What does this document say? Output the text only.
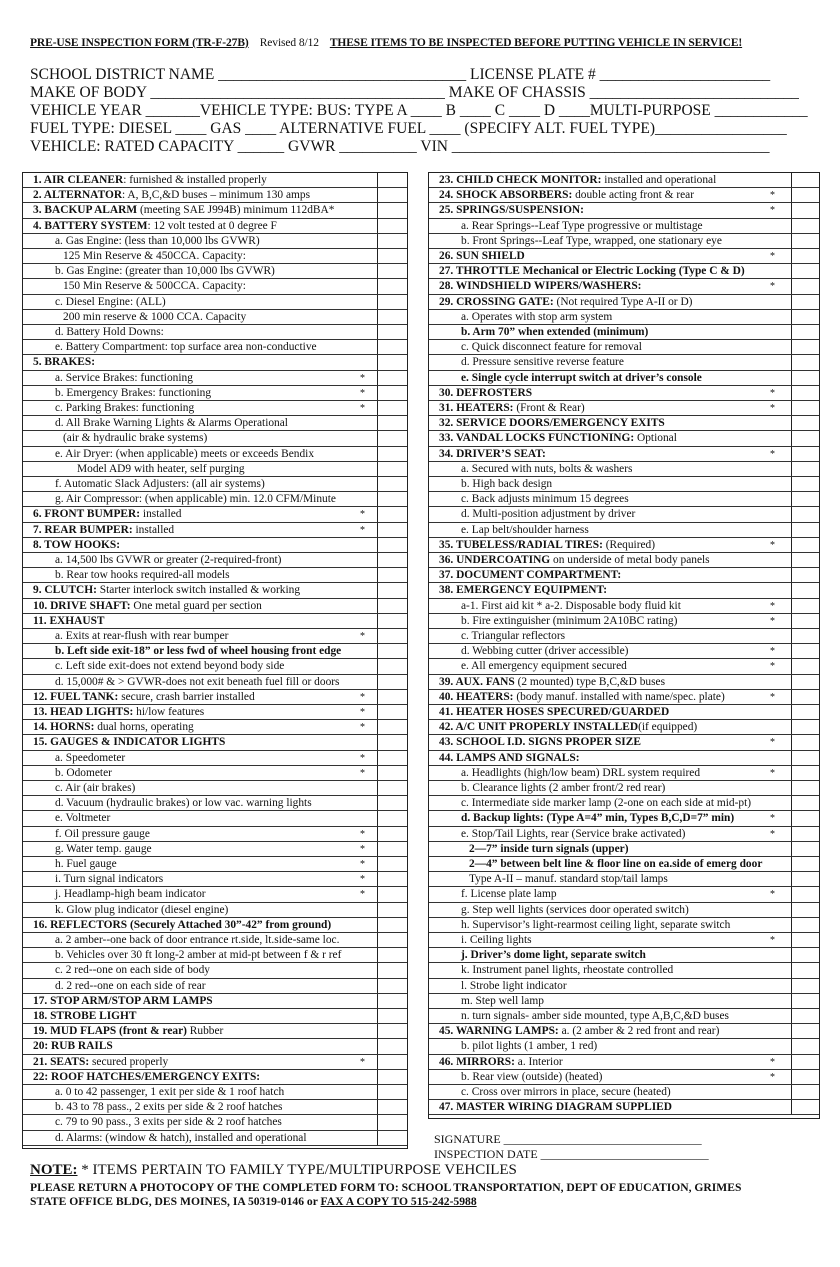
PRE-USE INSPECTION FORM (TR-F-27B) Revised 8/12 THESE ITEMS TO BE INSPECTED BEFORE PUTTING VEHICLE IN SERVICE!
SCHOOL DISTRICT NAME ________________________________ LICENSE PLATE # ______________________
MAKE OF BODY ______________________________________ MAKE OF CHASSIS ___________________________
VEHICLE YEAR _______VEHICLE TYPE: BUS: TYPE A ____ B ____ C ____ D ____MULTI-PURPOSE ____________
FUEL TYPE: DIESEL ____ GAS ____ ALTERNATIVE FUEL ____ (SPECIFY ALT. FUEL TYPE)_________________
VEHICLE: RATED CAPACITY ______ GVWR __________ VIN _________________________________________
1. AIR CLEANER: furnished & installed properly
2. ALTERNATOR: A, B,C,&D buses – minimum 130 amps
3. BACKUP ALARM (meeting SAE J994B) minimum 112dBA*
4. BATTERY SYSTEM: 12 volt tested at 0 degree F
a. Gas Engine: (less than 10,000 lbs GVWR)
125 Min Reserve & 450CCA. Capacity:
b. Gas Engine: (greater than 10,000 lbs GVWR)
150 Min Reserve & 500CCA. Capacity:
c. Diesel Engine: (ALL)
200 min reserve & 1000 CCA. Capacity
d. Battery Hold Downs:
e. Battery Compartment: top surface area non-conductive
5. BRAKES:
a. Service Brakes: functioning	*
b. Emergency Brakes: functioning	*
c. Parking Brakes: functioning	*
d. All Brake Warning Lights & Alarms Operational
(air & hydraulic brake systems)
e. Air Dryer: (when applicable) meets or exceeds Bendix
Model AD9 with heater, self purging
f. Automatic Slack Adjusters: (all air systems)
g. Air Compressor: (when applicable) min. 12.0 CFM/Minute
6. FRONT BUMPER: installed	*
7. REAR BUMPER: installed	*
8. TOW HOOKS:
a. 14,500 lbs GVWR or greater (2-required-front)
b. Rear tow hooks required-all models
9. CLUTCH: Starter interlock switch installed & working
10. DRIVE SHAFT: One metal guard per section
11. EXHAUST
a. Exits at rear-flush with rear bumper	*
b. Left side exit-18” or less fwd of wheel housing front edge
c. Left side exit-does not extend beyond body side
d. 15,000# & > GVWR-does not exit beneath fuel fill or doors
12. FUEL TANK: secure, crash barrier installed	*
13. HEAD LIGHTS: hi/low features	*
14. HORNS: dual horns, operating	*
15. GAUGES & INDICATOR LIGHTS
a. Speedometer	*
b. Odometer	*
c. Air (air brakes)
d. Vacuum (hydraulic brakes) or low vac. warning lights
e. Voltmeter
f. Oil pressure gauge	*
g. Water temp. gauge	*
h. Fuel gauge	*
i. Turn signal indicators	*
j. Headlamp-high beam indicator	*
k. Glow plug indicator (diesel engine)
16. REFLECTORS (Securely Attached 30”-42” from ground)
a. 2 amber--one back of door entrance rt.side, lt.side-same loc.
b. Vehicles over 30 ft long-2 amber at mid-pt between f & r ref
c. 2 red--one on each side of body
d. 2 red--one on each side of rear
17. STOP ARM/STOP ARM LAMPS
18. STROBE LIGHT
19. MUD FLAPS (front & rear) Rubber
20: RUB RAILS
21. SEATS: secured properly	*
22: ROOF HATCHES/EMERGENCY EXITS:
a. 0 to 42 passenger, 1 exit per side & 1 roof hatch
b. 43 to 78 pass., 2 exits per side & 2 roof hatches
c. 79 to 90 pass., 3 exits per side & 2 roof hatches
d. Alarms: (window & hatch), installed and operational
23. CHILD CHECK MONITOR: installed and operational
24. SHOCK ABSORBERS: double acting front & rear	*
25. SPRINGS/SUSPENSION:	*
a. Rear Springs--Leaf Type progressive or multistage
b. Front Springs--Leaf Type, wrapped, one stationary eye
26. SUN SHIELD	*
27. THROTTLE Mechanical or Electric Locking (Type C & D)
28. WINDSHIELD WIPERS/WASHERS:	*
29. CROSSING GATE: (Not required Type A-II or D)
a. Operates with stop arm system
b. Arm 70” when extended (minimum)
c. Quick disconnect feature for removal
d. Pressure sensitive reverse feature
e. Single cycle interrupt switch at driver’s console
30. DEFROSTERS	*
31. HEATERS: (Front & Rear)	*
32. SERVICE DOORS/EMERGENCY EXITS
33. VANDAL LOCKS FUNCTIONING: Optional
34. DRIVER’S SEAT:	*
a. Secured with nuts, bolts & washers
b. High back design
c. Back adjusts minimum 15 degrees
d. Multi-position adjustment by driver
e. Lap belt/shoulder harness
35. TUBELESS/RADIAL TIRES: (Required)	*
36. UNDERCOATING on underside of metal body panels
37. DOCUMENT COMPARTMENT:
38. EMERGENCY EQUIPMENT:
a-1. First aid kit * a-2. Disposable body fluid kit	*
b. Fire extinguisher (minimum 2A10BC rating)	*
c. Triangular reflectors
d. Webbing cutter (driver accessible)	*
e. All emergency equipment secured	*
39. AUX. FANS (2 mounted) type B,C,&D buses
40. HEATERS: (body manuf. installed with name/spec. plate)	*
41. HEATER HOSES SPECURED/GUARDED
42. A/C UNIT PROPERLY INSTALLED(if equipped)
43. SCHOOL I.D. SIGNS PROPER SIZE	*
44. LAMPS AND SIGNALS:
a. Headlights (high/low beam) DRL system required	*
b. Clearance lights (2 amber front/2 red rear)
c. Intermediate side marker lamp (2-one on each side at mid-pt)
d. Backup lights: (Type A=4” min, Types B,C,D=7” min)	*
e. Stop/Tail Lights, rear (Service brake activated)	*
2—7” inside turn signals (upper)
2—4” between belt line & floor line on ea.side of emerg door
Type A-II – manuf. standard stop/tail lamps
f. License plate lamp	*
g. Step well lights (services door operated switch)
h. Supervisor’s light-rearmost ceiling light, separate switch
i. Ceiling lights	*
j. Driver’s dome light, separate switch
k. Instrument panel lights, rheostate controlled
l. Strobe light indicator
m. Step well lamp
n. turn signals- amber side mounted, type A,B,C,&D buses
45. WARNING LAMPS: a. (2 amber & 2 red front and rear)
b. pilot lights (1 amber, 1 red)
46. MIRRORS: a. Interior	*
b. Rear view (outside) (heated)	*
c. Cross over mirrors in place, secure (heated)
47. MASTER WIRING DIAGRAM SUPPLIED
SIGNATURE _________________________________
INSPECTION DATE ____________________________
NOTE: * ITEMS PERTAIN TO FAMILY TYPE/MULTIPURPOSE VEHCILES
PLEASE RETURN A PHOTOCOPY OF THE COMPLETED FORM TO: SCHOOL TRANSPORTATION, DEPT OF EDUCATION, GRIMES
STATE OFFICE BLDG, DES MOINES, IA 50319-0146 or FAX A COPY TO 515-242-5988
